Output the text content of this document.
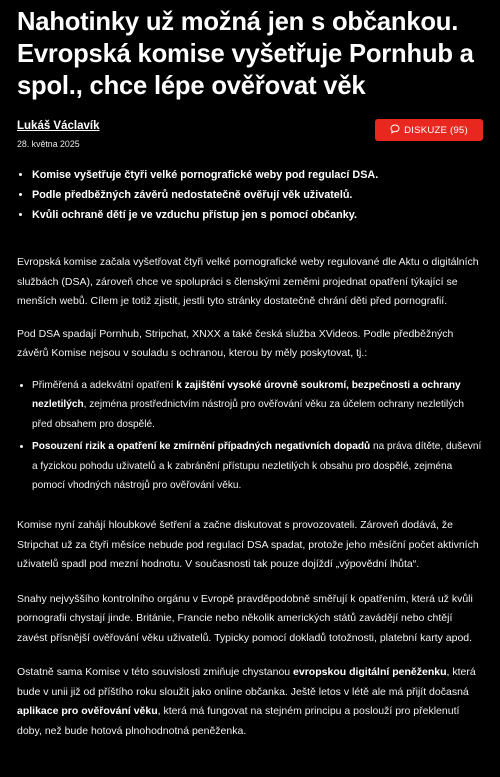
Nahotinky už možná jen s občankou. Evropská komise vyšetřuje Pornhub a spol., chce lépe ověřovat věk
Lukáš Václavík
28. května 2025
DISKUZE (95)
• Komise vyšetřuje čtyři velké pornografické weby pod regulací DSA.
• Podle předběžných závěrů nedostatečně ověřují věk uživatelů.
• Kvůli ochraně dětí je ve vzduchu přístup jen s pomocí občanky.

Evropská komise začala vyšetřovat čtyři velké pornografické weby regulované dle Aktu o digitálních službách (DSA), zároveň chce ve spolupráci s členskými zeměmi projednat opatření týkající se menších webů. Cílem je totiž zjistit, jestli tyto stránky dostatečně chrání děti před pornografií.

Pod DSA spadají Pornhub, Stripchat, XNXX a také česká služba XVideos. Podle předběžných závěrů Komise nejsou v souladu s ochranou, kterou by měly poskytovat, tj.:

• Přiměřená a adekvátní opatření k zajištění vysoké úrovně soukromí, bezpečnosti a ochrany nezletilých, zejména prostřednictvím nástrojů pro ověřování věku za účelem ochrany nezletilých před obsahem pro dospělé.
• Posouzení rizik a opatření ke zmírnění případných negativních dopadů na práva dítěte, duševní a fyzickou pohodu uživatelů a k zabránění přístupu nezletilých k obsahu pro dospělé, zejména pomocí vhodných nástrojů pro ověřování věku.

Komise nyní zahájí hloubkové šetření a začne diskutovat s provozovateli. Zároveň dodává, že Stripchat už za čtyři měsíce nebude pod regulací DSA spadat, protože jeho měsíční počet aktivních uživatelů spadl pod mezní hodnotu. V současnosti tak pouze dojíždí „výpovědní lhůta“.

Snahy nejvyššího kontrolního orgánu v Evropě pravděpodobně směřují k opatřením, která už kvůli pornografii chystají jinde. Británie, Francie nebo několik amerických států zavádějí nebo chtějí zavést přísnější ověřování věku uživatelů. Typicky pomocí dokladů totožnosti, platební karty apod.

Ostatně sama Komise v této souvislosti zmiňuje chystanou evropskou digitální peněženku, která bude v unii již od příštího roku sloužit jako online občanka. Ještě letos v létě ale má přijít dočasná aplikace pro ověřování věku, která má fungovat na stejném principu a poslouží pro překlenutí doby, než bude hotová plnohodnotná peněženka.
